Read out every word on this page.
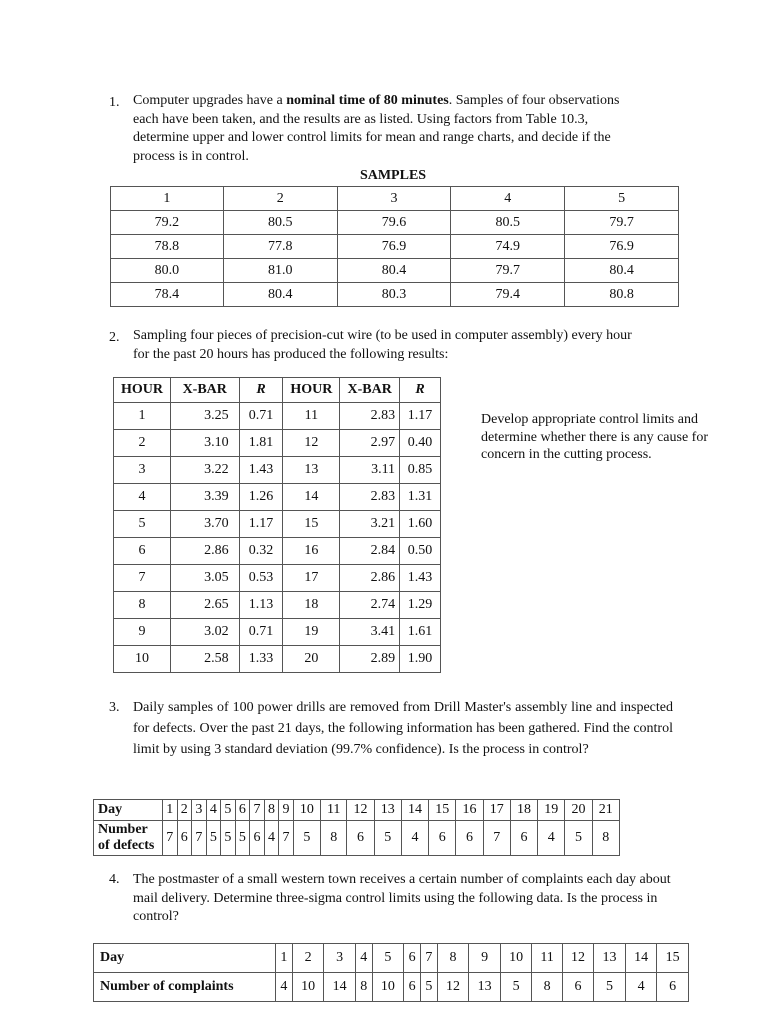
1. Computer upgrades have a nominal time of 80 minutes. Samples of four observations each have been taken, and the results are as listed. Using factors from Table 10.3, determine upper and lower control limits for mean and range charts, and decide if the process is in control.
SAMPLES
1	2	3	4	5
79.2	80.5	79.6	80.5	79.7
78.8	77.8	76.9	74.9	76.9
80.0	81.0	80.4	79.7	80.4
78.4	80.4	80.3	79.4	80.8
2. Sampling four pieces of precision-cut wire (to be used in computer assembly) every hour for the past 20 hours has produced the following results:
HOUR	X-BAR	R	HOUR	X-BAR	R
1	3.25	0.71	11	2.83	1.17
2	3.10	1.81	12	2.97	0.40
3	3.22	1.43	13	3.11	0.85
4	3.39	1.26	14	2.83	1.31
5	3.70	1.17	15	3.21	1.60
6	2.86	0.32	16	2.84	0.50
7	3.05	0.53	17	2.86	1.43
8	2.65	1.13	18	2.74	1.29
9	3.02	0.71	19	3.41	1.61
10	2.58	1.33	20	2.89	1.90
Develop appropriate control limits and determine whether there is any cause for concern in the cutting process.
3. Daily samples of 100 power drills are removed from Drill Master's assembly line and inspected for defects. Over the past 21 days, the following information has been gathered. Find the control limit by using 3 standard deviation (99.7% confidence). Is the process in control?
Day	1	2	3	4	5	6	7	8	9	10	11	12	13	14	15	16	17	18	19	20	21
Number of defects	7	6	7	5	5	5	6	4	7	5	8	6	5	4	6	6	7	6	4	5	8
4. The postmaster of a small western town receives a certain number of complaints each day about mail delivery. Determine three-sigma control limits using the following data. Is the process in control?
Day	1	2	3	4	5	6	7	8	9	10	11	12	13	14	15
Number of complaints	4	10	14	8	10	6	5	12	13	5	8	6	5	4	6
